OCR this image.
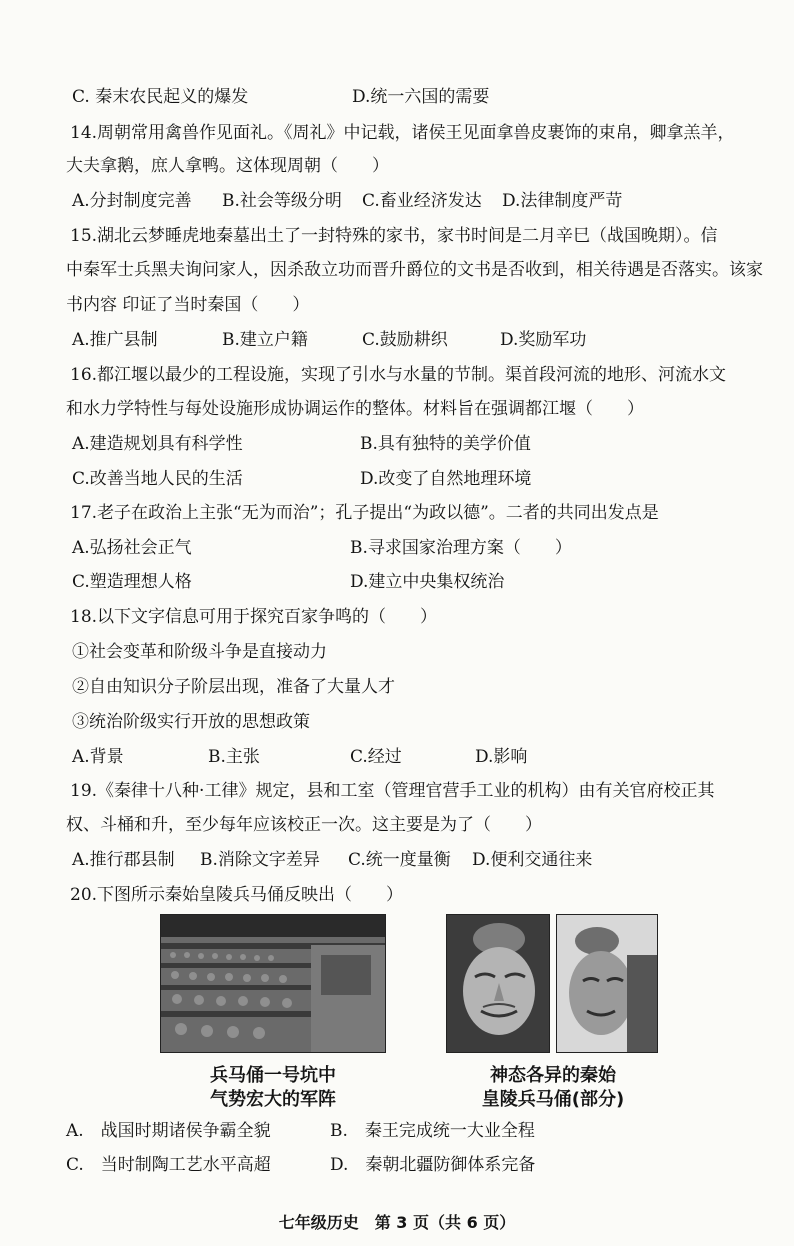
C. 秦末农民起义的爆发	D.统一六国的需要
14.周朝常用禽兽作见面礼。《周礼》中记载，诸侯王见面拿兽皮裹饰的束帛，卿拿羔羊，
大夫拿鹅，庶人拿鸭。这体现周朝（　　）
A.分封制度完善 B.社会等级分明 C.畜业经济发达 D.法律制度严苛
15.湖北云梦睡虎地秦墓出土了一封特殊的家书，家书时间是二月辛巳（战国晚期）。信
中秦军士兵黑夫询问家人，因杀敌立功而晋升爵位的文书是否收到，相关待遇是否落实。该家
书内容 印证了当时秦国（　　）
A.推广县制	B.建立户籍	C.鼓励耕织	D.奖励军功
16.都江堰以最少的工程设施，实现了引水与水量的节制。渠首段河流的地形、河流水文
和水力学特性与每处设施形成协调运作的整体。材料旨在强调都江堰（　　）
A.建造规划具有科学性	B.具有独特的美学价值
C.改善当地人民的生活	D.改变了自然地理环境
17.老子在政治上主张“无为而治”；孔子提出“为政以德”。二者的共同出发点是
A.弘扬社会正气	B.寻求国家治理方案（　　）
C.塑造理想人格	D.建立中央集权统治
18.以下文字信息可用于探究百家争鸣的（　　）
①社会变革和阶级斗争是直接动力
②自由知识分子阶层出现，准备了大量人才
③统治阶级实行开放的思想政策
A.背景	B.主张	C.经过	D.影响
19.《秦律十八种·工律》规定，县和工室（管理官营手工业的机构）由有关官府校正其
权、斗桶和升，至少每年应该校正一次。这主要是为了（　　）
A.推行郡县制 B.消除文字差异 C.统一度量衡 D.便利交通往来
20.下图所示秦始皇陵兵马俑反映出（　　）
兵马俑一号坑中
气势宏大的军阵
神态各异的秦始
皇陵兵马俑(部分)
A.　战国时期诸侯争霸全貌	B.　秦王完成统一大业全程
C.　当时制陶工艺水平高超	D.　秦朝北疆防御体系完备
七年级历史　第 3 页（共 6 页）
